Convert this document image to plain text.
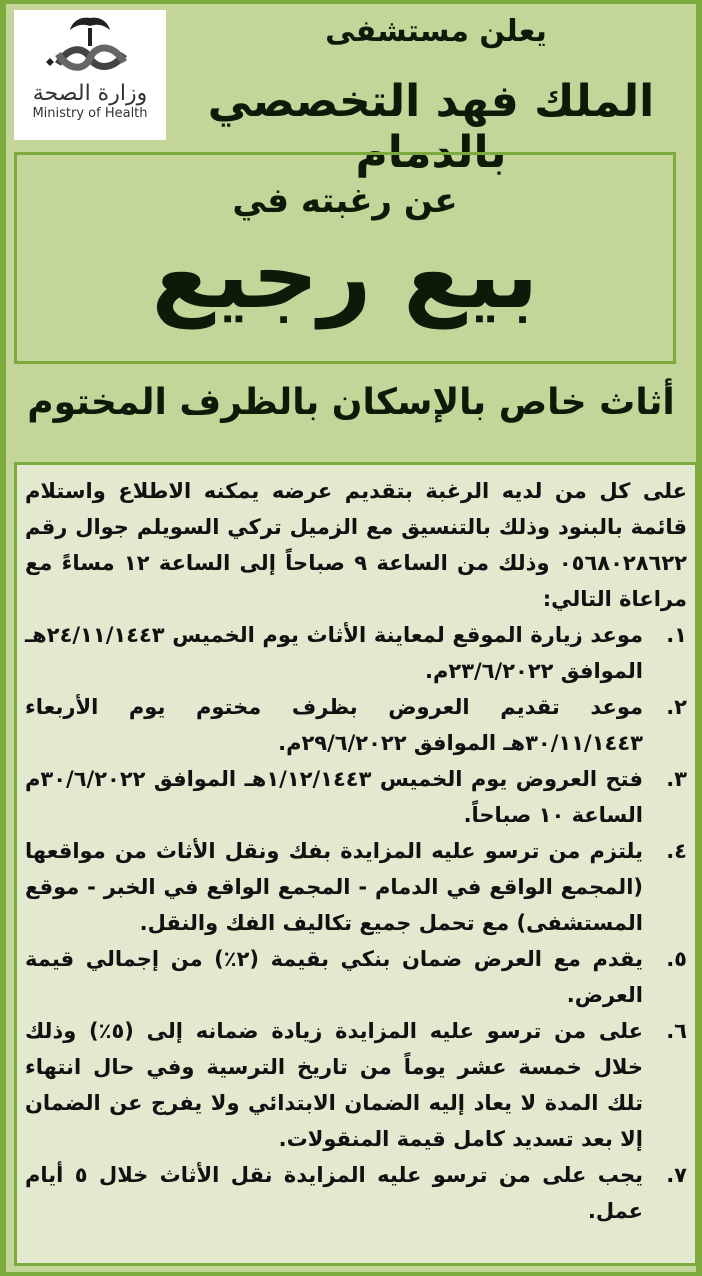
وزارة الصحة
Ministry of Health
يعلن مستشفى
الملك فهد التخصصي بالدمام
عن رغبته في
بيع رجيع
أثاث خاص بالإسكان بالظرف المختوم

على كل من لديه الرغبة بتقديم عرضه يمكنه الاطلاع واستلام قائمة بالبنود وذلك بالتنسيق مع الزميل تركي السويلم جوال رقم ٠٥٦٨٠٢٨٦٢٢ وذلك من الساعة ٩ صباحاً إلى الساعة ١٢ مساءً مع مراعاة التالي:

١.
موعد زيارة الموقع لمعاينة الأثاث يوم الخميس ٢٤/١١/١٤٤٣هـ الموافق ٢٣/٦/٢٠٢٢م.
٢.
موعد تقديم العروض بظرف مختوم يوم الأربعاء ٣٠/١١/١٤٤٣هـ الموافق ٢٩/٦/٢٠٢٢م.
٣.
فتح العروض يوم الخميس ١/١٢/١٤٤٣هـ الموافق ٣٠/٦/٢٠٢٢م الساعة ١٠ صباحاً.
٤.
يلتزم من ترسو عليه المزايدة بفك ونقل الأثاث من مواقعها (المجمع الواقع في الدمام - المجمع الواقع في الخبر - موقع المستشفى) مع تحمل جميع تكاليف الفك والنقل.
٥.
يقدم مع العرض ضمان بنكي بقيمة (٢٪) من إجمالي قيمة العرض.
٦.
على من ترسو عليه المزايدة زيادة ضمانه إلى (٥٪) وذلك خلال خمسة عشر يوماً من تاريخ الترسية وفي حال انتهاء تلك المدة لا يعاد إليه الضمان الابتدائي ولا يفرج عن الضمان إلا بعد تسديد كامل قيمة المنقولات.
٧.
يجب على من ترسو عليه المزايدة نقل الأثاث خلال ٥ أيام عمل.
